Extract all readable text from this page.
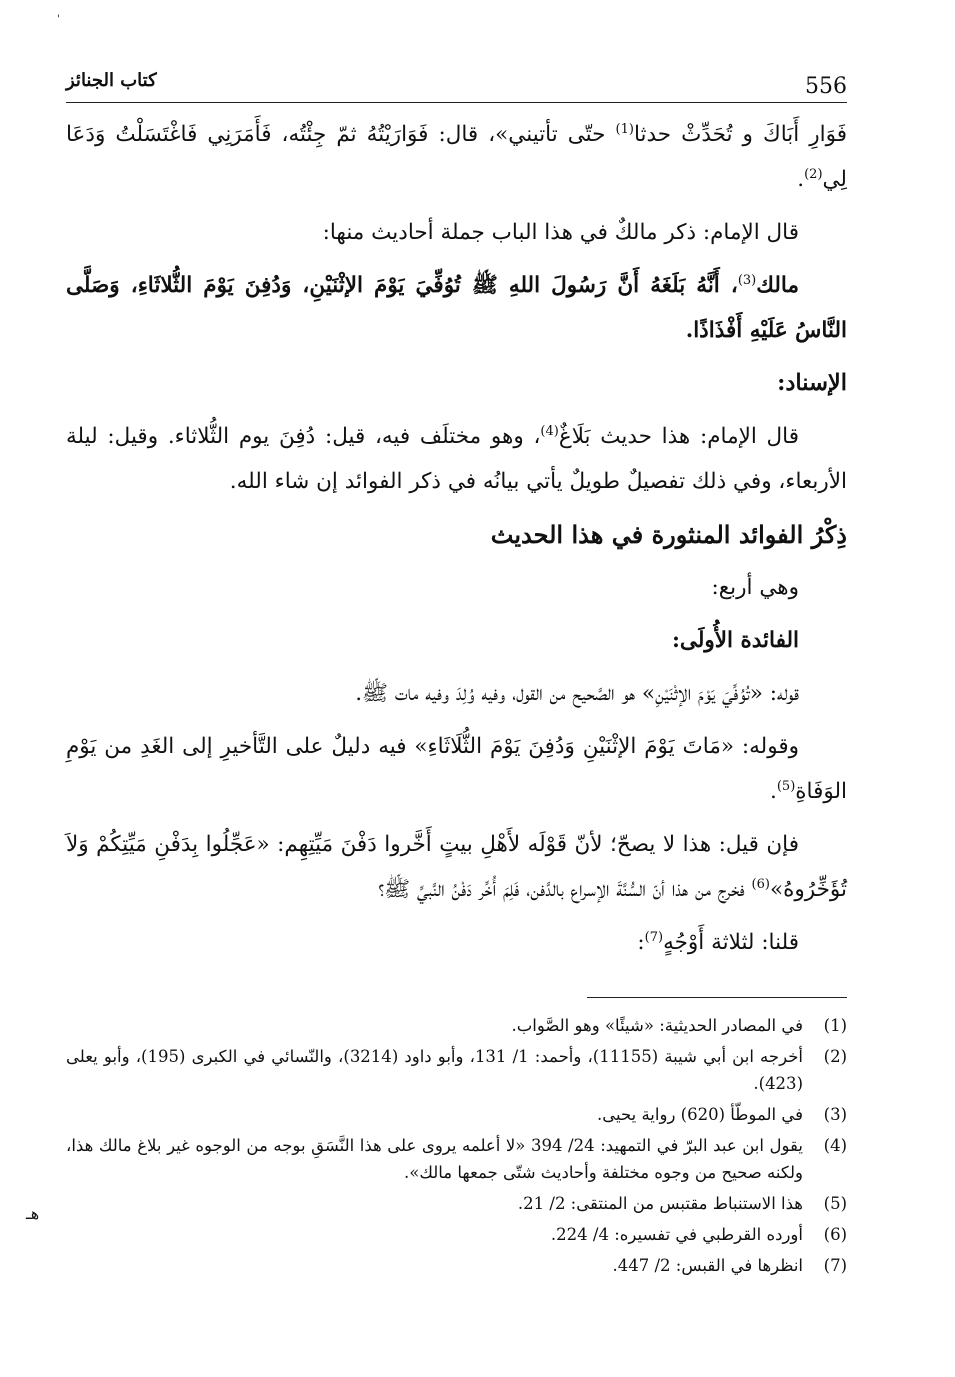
'
556
كتاب الجنائز

فَوَارِ أَبَاكَ و تُحَدِّثْ حدثا$^{(1)}$ حتّى تأتيني»، قال: فَوَارَيْتُهُ ثمّ جِئْتُه، فَأَمَرَنِي فَاغْتَسَلْتُ وَدَعَا لِي$^{(2)}$.

قال الإمام: ذكر مالكٌ في هذا الباب جملة أحاديث منها:

مالك$^{(3)}$، أَنَّهُ بَلَغَهُ أَنَّ رَسُولَ اللهِ ﷺ تُوُفِّيَ يَوْمَ الإثْنَيْنِ، وَدُفِنَ يَوْمَ الثُّلاثَاءِ، وَصَلَّى النَّاسُ عَلَيْهِ أَفْذَاذًا.

الإسناد:

قال الإمام: هذا حديث بَلَاغٌ$^{(4)}$، وهو مختلَف فيه، قيل: دُفِنَ يوم الثُّلاثاء. وقيل: ليلة الأربعاء، وفي ذلك تفصيلٌ طويلٌ يأتي بيانُه في ذكر الفوائد إن شاء الله.

ذِكْرُ الفوائد المنثورة في هذا الحديث

وهي أربع:

الفائدة الأُولَى:

قوله: «تُوُفِّيَ يَوْمَ الإثْنَيْنِ» هو الصَّحيح من القول، وفيه وُلِدَ وفيه مات ﷺ.

وقوله: «مَاتَ يَوْمَ الإثْنَيْنِ وَدُفِنَ يَوْمَ الثُّلَاثَاءِ» فيه دليلٌ على التَّأخيرِ إلى الغَدِ من يَوْمِ الوَفَاةِ$^{(5)}$.

فإن قيل: هذا لا يصحّ؛ لأنّ قَوْلَه لأَهْلِ بيتٍ أَخَّروا دَفْنَ مَيِّتِهِم: «عَجِّلُوا بِدَفْنِ مَيِّتِكُمْ وَلاَ تُؤَخِّرُوهُ»$^{(6)}$ فخرج من هذا أنّ السُّنَّةَ الإسراع بالدَّفن، فَلِمَ أُخِّر دَفْنُ النَّبيِّ ﷺ؟

قلنا: لثلاثة أَوْجُهٍ$^{(7)}$:

(1)
في المصادر الحديثية: «شيئًا» وهو الصَّواب.
(2)
أخرجه ابن أبي شيبة (11155)، وأحمد: 1/ 131، وأبو داود (3214)، والنّسائي في الكبرى (195)، وأبو يعلى (423).
(3)
في الموطّأ (620) رواية يحيى.
(4)
يقول ابن عبد البرّ في التمهيد: 24/ 394 «لا أعلمه يروى على هذا النَّسَقِ بوجه من الوجوه غير بلاغ مالك هذا، ولكنه صحيح من وجوه مختلفة وأحاديث شتّى جمعها مالك».
(5)
هذا الاستنباط مقتبس من المنتقى: 2/ 21.
(6)
أورده القرطبي في تفسيره: 4/ 224.
(7)
انظرها في القبس: 2/ 447.
ﻫـ
